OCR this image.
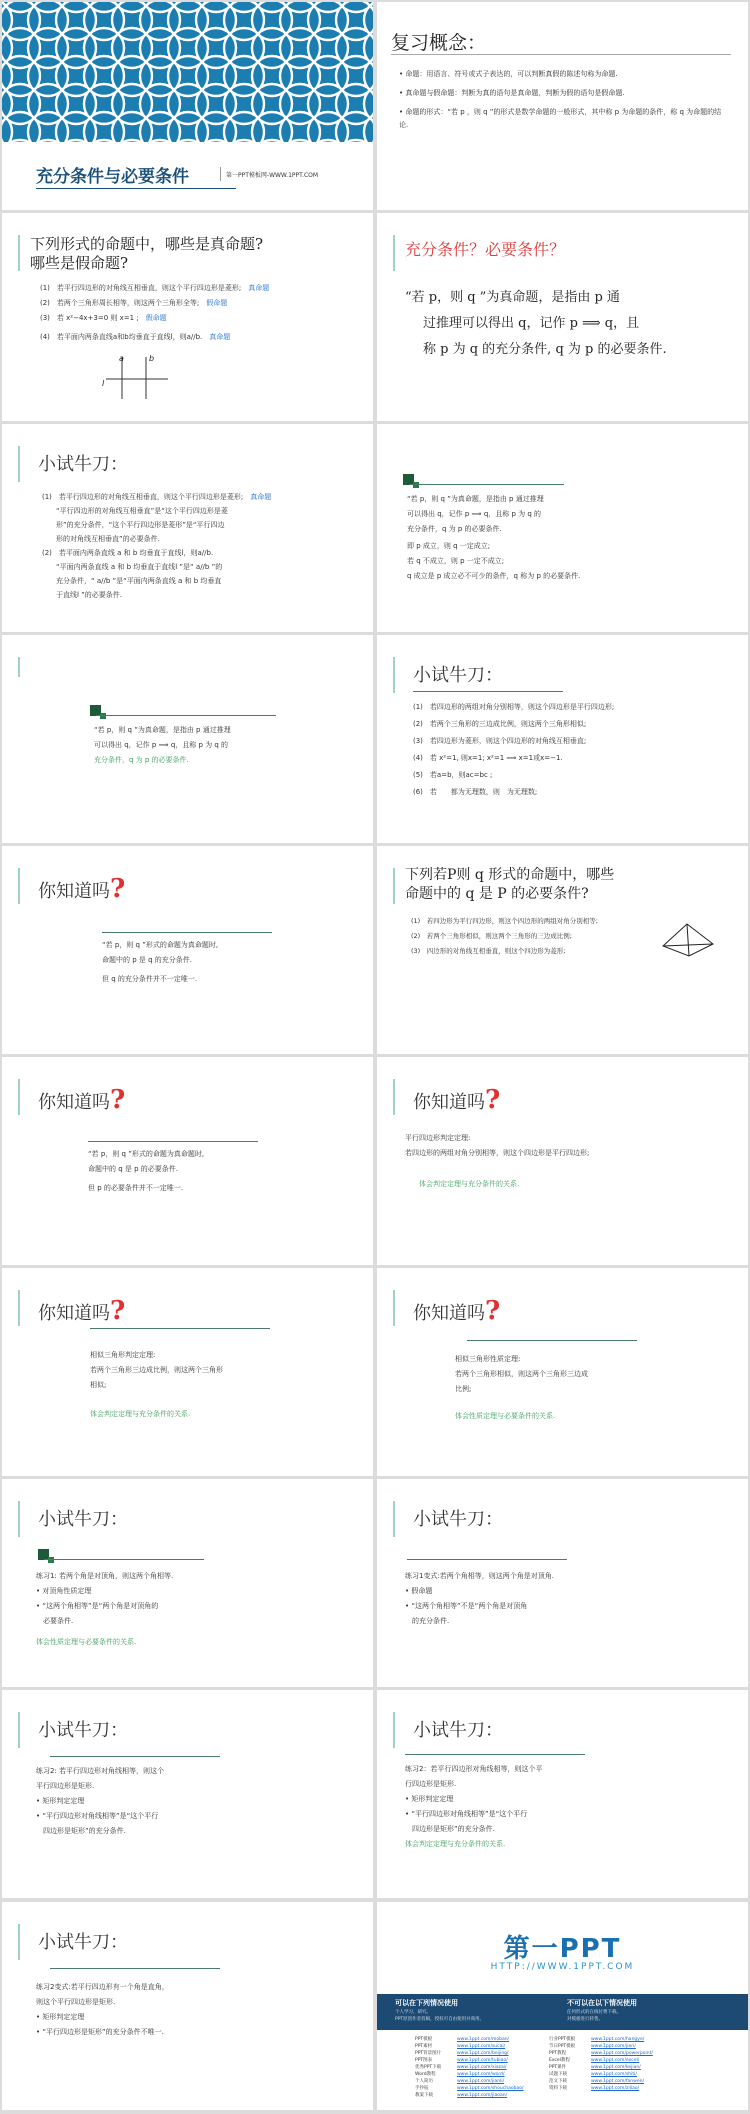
充分条件与必要条件	第一PPT模板网-WWW.1PPT.COM
复习概念：
• 命题：用语言、符号或式子表达的，可以判断真假的陈述句称为命题.
• 真命题与假命题：判断为真的语句是真命题，判断为假的语句是假命题.
• 命题的形式：“若 p ，则 q ”的形式是数学命题的一般形式，其中称 p 为命题的条件，称 q 为命题的结论.
下列形式的命题中，哪些是真命题?
哪些是假命题?
(1)　若平行四边形的对角线互相垂直，则这个平行四边形是菱形;　 真命题
(2)　若两个三角形周长相等，则这两个三角形全等;　 假命题
(3)　若 x²−4x+3=0 则 x=1 ;　 假命题
(4)　若平面内两条直线a和b均垂直于直线l，则a//b.　 真命题
a	b
l
充分条件？必要条件？
“若 p，则 q ”为真命题，是指由 p 通
过推理可以得出 q，记作 p ⟹ q，且
称 p 为 q 的充分条件, q 为 p 的必要条件.
小试牛刀：
(1)　若平行四边形的对角线互相垂直，则这个平行四边形是菱形;　 真命题
“平行四边形的对角线互相垂直”是“这个平行四边形是菱
形”的充分条件，“这个平行四边形是菱形”是“平行四边
形的对角线互相垂直”的必要条件.
(2)　若平面内两条直线 a 和 b 均垂直于直线l，则a//b.
“平面内两条直线 a 和 b 均垂直于直线l ”是“ a//b ”的
充分条件，“ a//b ”是“平面内两条直线 a 和 b 均垂直
于直线l ”的必要条件.
“若 p，则 q ”为真命题，是指由 p 通过推理
可以得出 q，记作 p ⟹ q，且称 p 为 q 的
充分条件，q 为 p 的必要条件.
即 p 成立，则 q 一定成立;
若 q 不成立，则 p 一定不成立;
q 成立是 p 成立必不可少的条件，q 称为 p 的必要条件.
“若 p，则 q ”为真命题，是指由 p 通过推理
可以得出 q，记作 p ⟹ q，且称 p 为 q 的
充分条件，q 为 p 的必要条件.
小试牛刀：
(1)　若四边形的两组对角分别相等，则这个四边形是平行四边形;
(2)　若两个三角形的三边成比例，则这两个三角形相似;
(3)　若四边形为菱形，则这个四边形的对角线互相垂直;
(4)　若 x²=1, 则x=1; x²=1 ⟹ x=1或x=−1.
(5)　若a=b，则ac=bc ;
(6)　若　　都为无理数，则　为无理数;
你知道吗?
“若 p，则 q ”形式的命题为真命题时,
命题中的 p 是 q 的充分条件.
但 q 的充分条件并不一定唯一.
下列若P则 q 形式的命题中，哪些
命题中的 q 是 P 的必要条件?
(1)　若四边形为平行四边形，则这个四边形的两组对角分别相等;
(2)　若两个三角形相似，则这两个三角形的三边成比例;
(3)　四边形的对角线互相垂直，则这个四边形为菱形;
你知道吗?
“若 p，则 q ”形式的命题为真命题时,
命题中的 q 是 p 的必要条件.
但 p 的必要条件并不一定唯一.
你知道吗?
平行四边形判定定理:
若四边形的两组对角分别相等，则这个四边形是平行四边形;
体会判定定理与充分条件的关系.
你知道吗?
相似三角形判定定理:
若两个三角形三边成比例，则这两个三角形
相似;
体会判定定理与充分条件的关系.
你知道吗?
相似三角形性质定理:
若两个三角形相似，则这两个三角形三边成
比例;
体会性质定理与必要条件的关系.
小试牛刀：
练习1: 若两个角是对顶角，则这两个角相等.
• 对顶角性质定理
• “这两个角相等”是“两个角是对顶角的
　必要条件.
体会性质定理与必要条件的关系.
小试牛刀：
练习1变式:若两个角相等，则这两个角是对顶角.
• 假命题
• “这两个角相等”不是“两个角是对顶角
　的充分条件.
小试牛刀：
练习2: 若平行四边形对角线相等，则这个
平行四边形是矩形.
• 矩形判定定理
• “平行四边形对角线相等”是“这个平行
　四边形是矩形”的充分条件.
小试牛刀：
练习2：若平行四边形对角线相等，则这个平
行四边形是矩形.
• 矩形判定定理
• “平行四边形对角线相等”是“这个平行
　四边形是矩形”的充分条件.
体会判定定理与充分条件的关系.
小试牛刀：
练习2变式:若平行四边形有一个角是直角，
则这个平行四边形是矩形.
• 矩形判定定理
• “平行四边形是矩形”的充分条件不唯一.
第一PPT
HTTP://WWW.1PPT.COM
可以在下列情况使用
个人学习、研究。
PPT原创作者投稿，授权可自由使用并商用。
不可以在以下情况使用
任何形式的在线付费下载。
对模板进行转售。
PPT模板	www.1ppt.com/moban/
PPT素材	www.1ppt.com/sucai/
PPT背景图片	www.1ppt.com/beijing/
PPT图表	www.1ppt.com/tubiao/
优秀PPT下载	www.1ppt.com/xiazai/
Word教程	www.1ppt.com/word/
个人简历	www.1ppt.com/jianli/
手抄报	www.1ppt.com/shouchaobao/
教案下载	www.1ppt.com/jiaoan/
行业PPT模板	www.1ppt.com/hangye/
节日PPT模板	www.1ppt.com/jieri/
PPT教程	www.1ppt.com/powerpoint/
Excel教程	www.1ppt.com/excel/
PPT课件	www.1ppt.com/kejian/
试题下载	www.1ppt.com/shiti/
范文下载	www.1ppt.com/fanwen/
资料下载	www.1ppt.com/ziliao/
